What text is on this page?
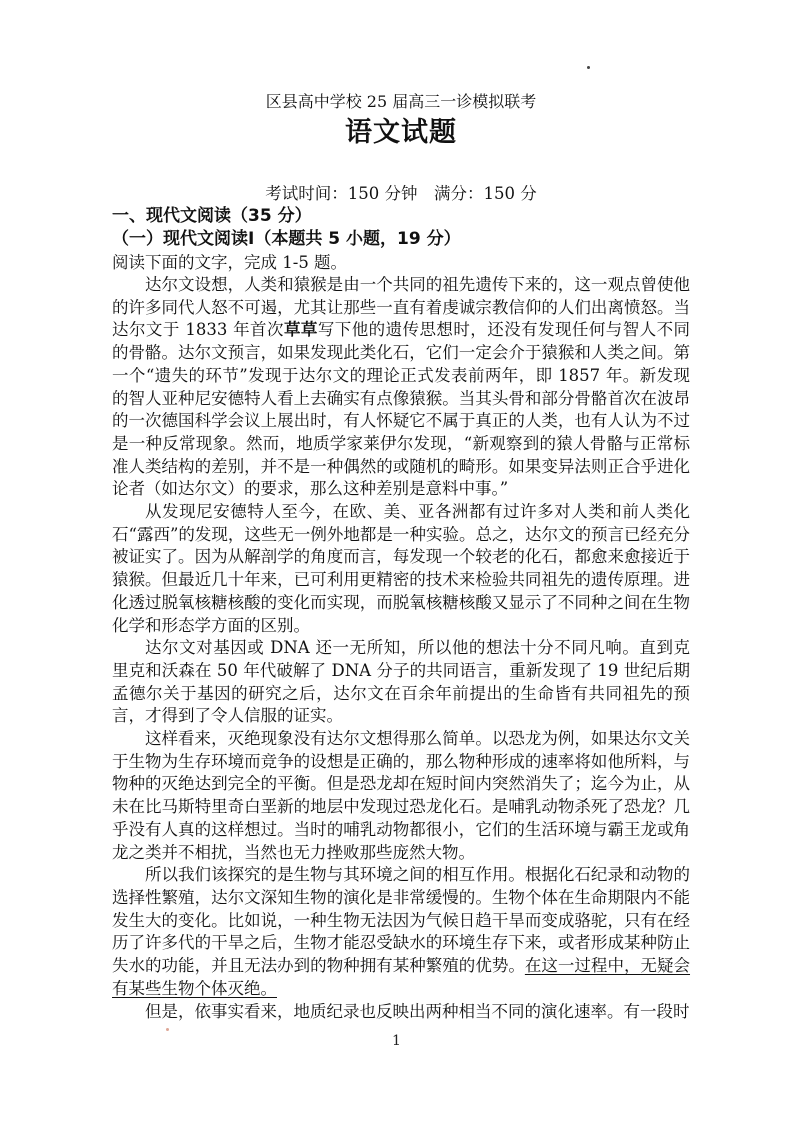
区县高中学校 25 届高三一诊模拟联考

语文试题

考试时间：150 分钟　满分：150 分

一、现代文阅读（35 分）
（一）现代文阅读Ⅰ（本题共 5 小题，19 分）

阅读下面的文字，完成 1-5 题。

达尔文设想，人类和猿猴是由一个共同的祖先遗传下来的，这一观点曾使他的许多同代人怒不可遏，尤其让那些一直有着虔诚宗教信仰的人们出离愤怒。当达尔文于 1833 年首次草草写下他的遗传思想时，还没有发现任何与智人不同的骨骼。达尔文预言，如果发现此类化石，它们一定会介于猿猴和人类之间。第一个“遗失的环节”发现于达尔文的理论正式发表前两年，即 1857 年。新发现的智人亚种尼安德特人看上去确实有点像猿猴。当其头骨和部分骨骼首次在波昂的一次德国科学会议上展出时，有人怀疑它不属于真正的人类，也有人认为不过是一种反常现象。然而，地质学家莱伊尔发现，“新观察到的猿人骨骼与正常标准人类结构的差别，并不是一种偶然的或随机的畸形。如果变异法则正合乎进化论者（如达尔文）的要求，那么这种差别是意料中事。”

从发现尼安德特人至今，在欧、美、亚各洲都有过许多对人类和前人类化石“露西”的发现，这些无一例外地都是一种实验。总之，达尔文的预言已经充分被证实了。因为从解剖学的角度而言，每发现一个较老的化石，都愈来愈接近于猿猴。但最近几十年来，已可利用更精密的技术来检验共同祖先的遗传原理。进化透过脱氧核糖核酸的变化而实现，而脱氧核糖核酸又显示了不同种之间在生物化学和形态学方面的区别。

达尔文对基因或 DNA 还一无所知，所以他的想法十分不同凡响。直到克里克和沃森在 50 年代破解了 DNA 分子的共同语言，重新发现了 19 世纪后期孟德尔关于基因的研究之后，达尔文在百余年前提出的生命皆有共同祖先的预言，才得到了令人信服的证实。

这样看来，灭绝现象没有达尔文想得那么简单。以恐龙为例，如果达尔文关于生物为生存环境而竞争的设想是正确的，那么物种形成的速率将如他所料，与物种的灭绝达到完全的平衡。但是恐龙却在短时间内突然消失了；迄今为止，从未在比马斯特里奇白垩新的地层中发现过恐龙化石。是哺乳动物杀死了恐龙？几乎没有人真的这样想过。当时的哺乳动物都很小，它们的生活环境与霸王龙或角龙之类并不相扰，当然也无力挫败那些庞然大物。

所以我们该探究的是生物与其环境之间的相互作用。根据化石纪录和动物的选择性繁殖，达尔文深知生物的演化是非常缓慢的。生物个体在生命期限内不能发生大的变化。比如说，一种生物无法因为气候日趋干旱而变成骆驼，只有在经历了许多代的干旱之后，生物才能忍受缺水的环境生存下来，或者形成某种防止失水的功能，并且无法办到的物种拥有某种繁殖的优势。在这一过程中，无疑会有某些生物个体灭绝。

但是，依事实看来，地质纪录也反映出两种相当不同的演化速率。有一段时

1
